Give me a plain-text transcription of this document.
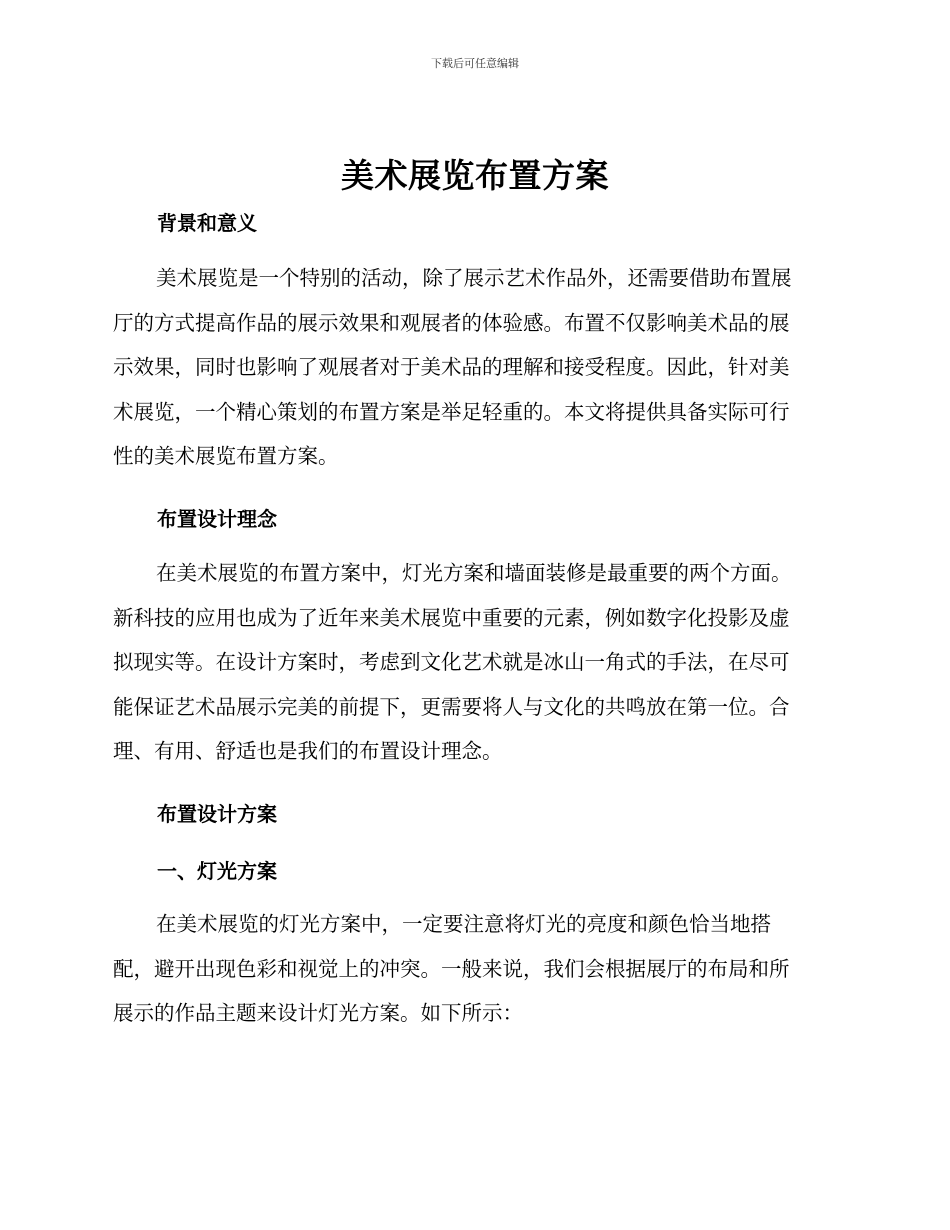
下载后可任意编辑
美术展览布置方案
背景和意义
美术展览是一个特别的活动，除了展示艺术作品外，还需要借助布置展
厅的方式提高作品的展示效果和观展者的体验感。布置不仅影响美术品的展
示效果，同时也影响了观展者对于美术品的理解和接受程度。因此，针对美
术展览，一个精心策划的布置方案是举足轻重的。本文将提供具备实际可行
性的美术展览布置方案。
布置设计理念
在美术展览的布置方案中，灯光方案和墙面装修是最重要的两个方面。
新科技的应用也成为了近年来美术展览中重要的元素，例如数字化投影及虚
拟现实等。在设计方案时，考虑到文化艺术就是冰山一角式的手法，在尽可
能保证艺术品展示完美的前提下，更需要将人与文化的共鸣放在第一位。合
理、有用、舒适也是我们的布置设计理念。
布置设计方案
一、灯光方案
在美术展览的灯光方案中，一定要注意将灯光的亮度和颜色恰当地搭
配，避开出现色彩和视觉上的冲突。一般来说，我们会根据展厅的布局和所
展示的作品主题来设计灯光方案。如下所示：
